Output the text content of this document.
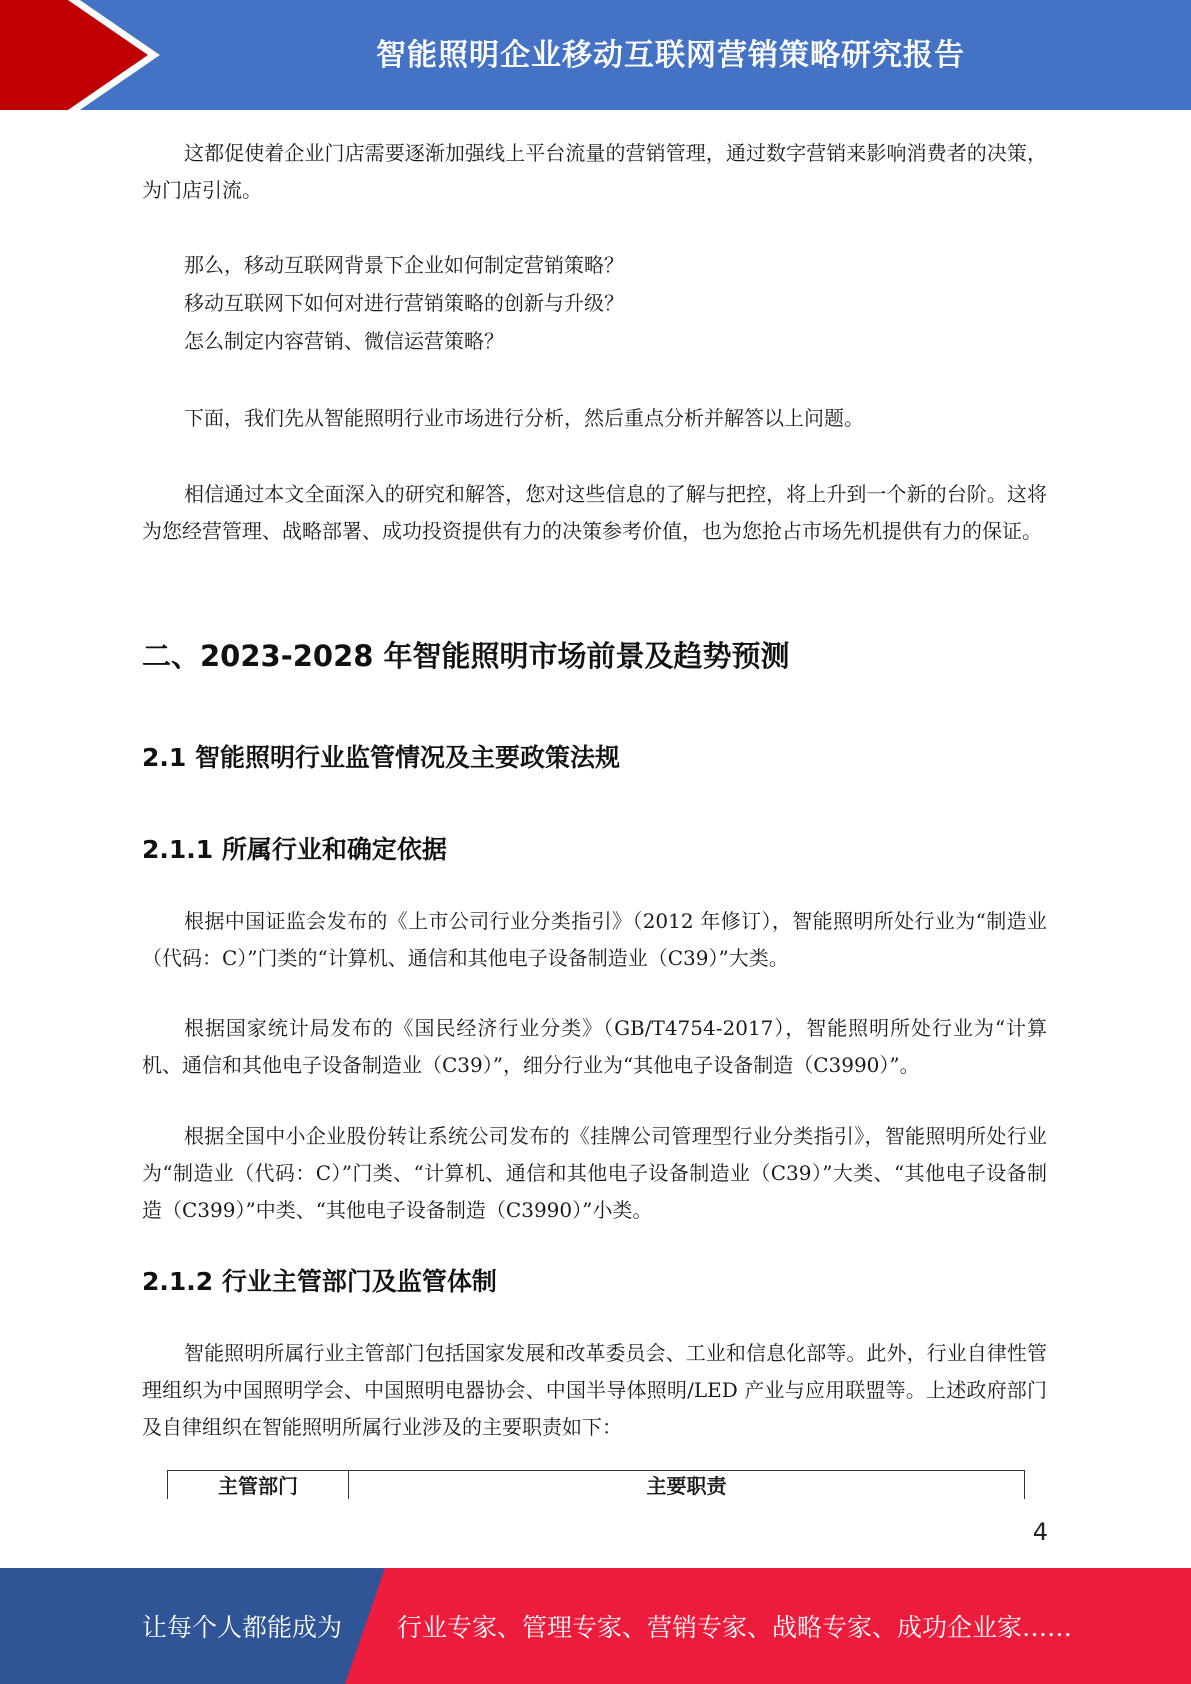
智能照明企业移动互联网营销策略研究报告

这都促使着企业门店需要逐渐加强线上平台流量的营销管理，通过数字营销来影响消费者的决策，为门店引流。

那么，移动互联网背景下企业如何制定营销策略？

移动互联网下如何对进行营销策略的创新与升级？

怎么制定内容营销、微信运营策略？

下面，我们先从智能照明行业市场进行分析，然后重点分析并解答以上问题。

相信通过本文全面深入的研究和解答，您对这些信息的了解与把控，将上升到一个新的台阶。这将为您经营管理、战略部署、成功投资提供有力的决策参考价值，也为您抢占市场先机提供有力的保证。

二、2023-2028 年智能照明市场前景及趋势预测
2.1 智能照明行业监管情况及主要政策法规
2.1.1 所属行业和确定依据

根据中国证监会发布的《上市公司行业分类指引》（2012 年修订），智能照明所处行业为“制造业（代码：C）”门类的“计算机、通信和其他电子设备制造业（C39）”大类。

根据国家统计局发布的《国民经济行业分类》（GB/T4754-2017），智能照明所处行业为“计算机、通信和其他电子设备制造业（C39）”，细分行业为“其他电子设备制造（C3990）”。

根据全国中小企业股份转让系统公司发布的《挂牌公司管理型行业分类指引》，智能照明所处行业为“制造业（代码：C）”门类、“计算机、通信和其他电子设备制造业（C39）”大类、“其他电子设备制造（C399）”中类、“其他电子设备制造（C3990）”小类。

2.1.2 行业主管部门及监管体制

智能照明所属行业主管部门包括国家发展和改革委员会、工业和信息化部等。此外，行业自律性管理组织为中国照明学会、中国照明电器协会、中国半导体照明/LED 产业与应用联盟等。上述政府部门及自律组织在智能照明所属行业涉及的主要职责如下：

主管部门	主要职责
4
让每个人都能成为 行业专家、管理专家、营销专家、战略专家、成功企业家……
